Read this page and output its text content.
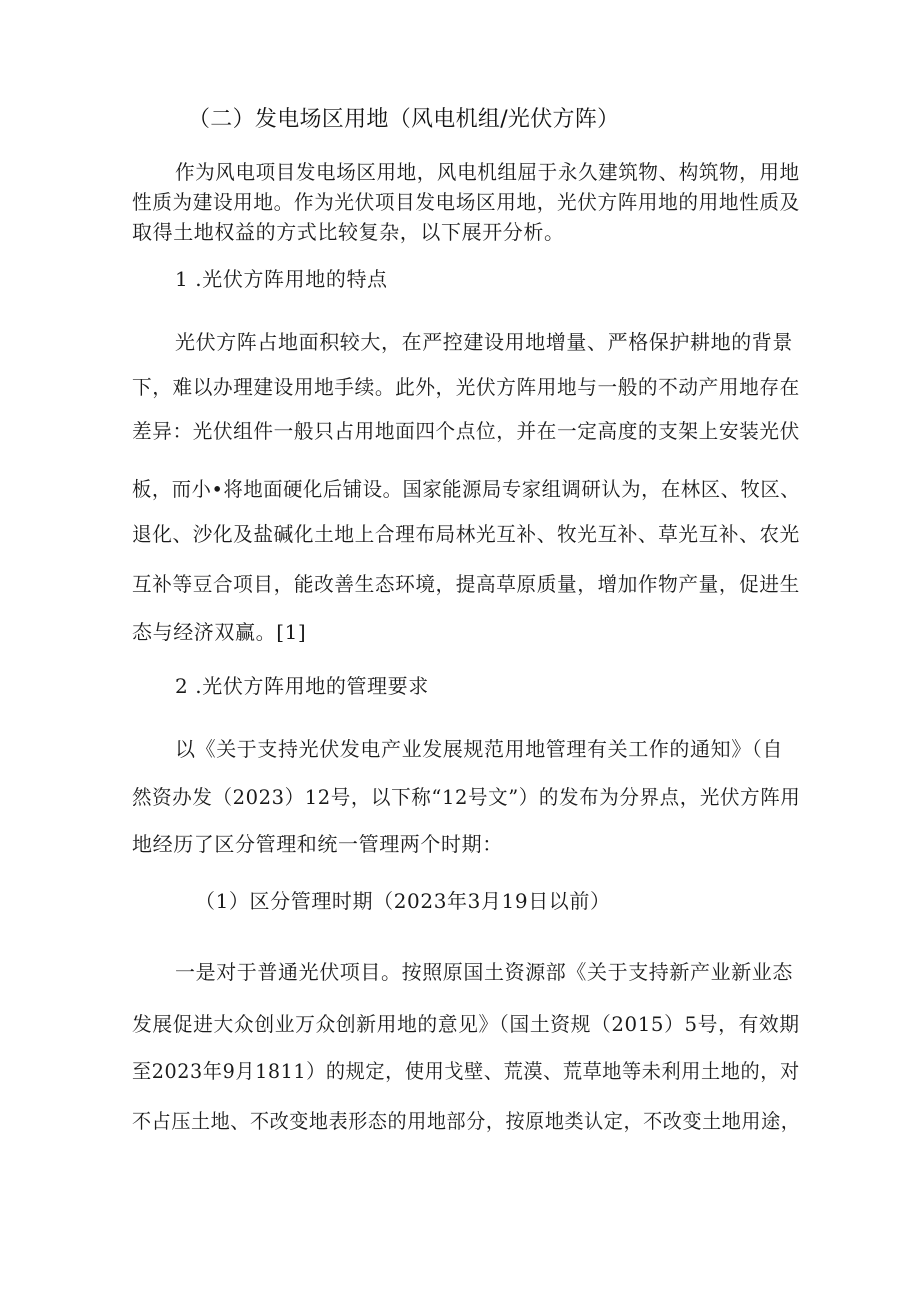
（二）发电场区用地（风电机组/光伏方阵）
作为风电项目发电场区用地，风电机组屈于永久建筑物、构筑物，用地
性质为建设用地。作为光伏项目发电场区用地，光伏方阵用地的用地性质及
取得土地权益的方式比较复杂，以下展开分析。
1 .光伏方阵用地的特点
光伏方阵占地面积较大，在严控建设用地增量、严格保护耕地的背景
下，难以办理建设用地手续。此外，光伏方阵用地与一般的不动产用地存在
差异：光伏组件一般只占用地面四个点位，并在一定高度的支架上安装光伏
板，而小•将地面硬化后铺设。国家能源局专家组调研认为，在林区、牧区、
退化、沙化及盐碱化土地上合理布局林光互补、牧光互补、草光互补、农光
互补等豆合项目，能改善生态环境，提高草原质量，增加作物产量，促进生
态与经济双赢。[1]
2 .光伏方阵用地的管理要求
以《关于支持光伏发电产业发展规范用地管理有关工作的通知》（自
然资办发（2023）12号，以下称“12号文”）的发布为分界点，光伏方阵用
地经历了区分管理和统一管理两个时期：
（1）区分管理时期（2023年3月19日以前）
一是对于普通光伏项目。按照原国土资源部《关于支持新产业新业态
发展促进大众创业万众创新用地的意见》（国土资规（2015）5号，有效期
至2023年9月1811）的规定，使用戈壁、荒漠、荒草地等未利用土地的，对
不占压土地、不改变地表形态的用地部分，按原地类认定，不改变土地用途，
